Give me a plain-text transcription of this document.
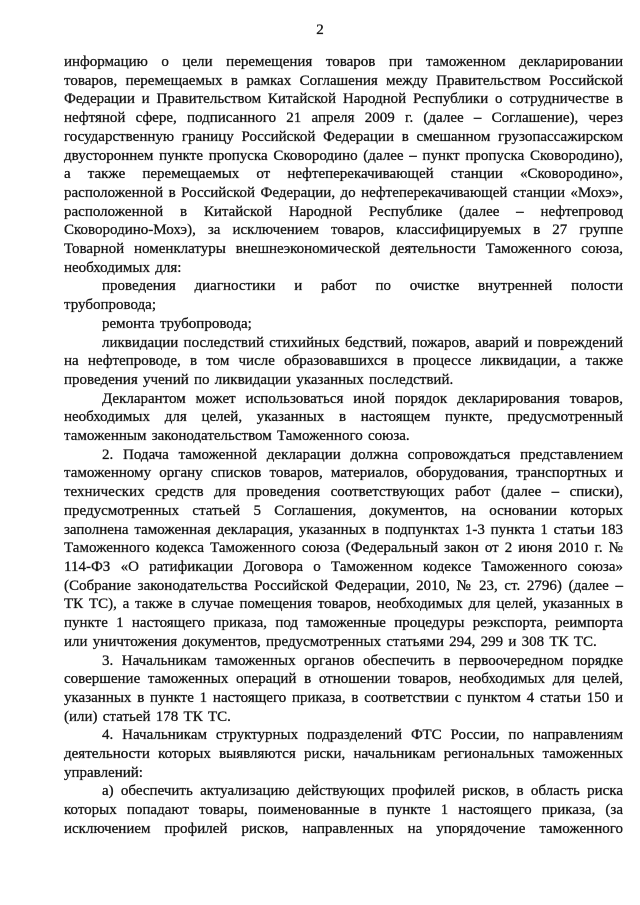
2

информацию о цели перемещения товаров при таможенном декларировании товаров, перемещаемых в рамках Соглашения между Правительством Российской Федерации и Правительством Китайской Народной Республики о сотрудничестве в нефтяной сфере, подписанного 21 апреля 2009 г. (далее – Соглашение), через государственную границу Российской Федерации в смешанном грузопассажирском двустороннем пункте пропуска Сковородино (далее – пункт пропуска Сковородино), а также перемещаемых от нефтеперекачивающей станции «Сковородино», расположенной в Российской Федерации, до нефтеперекачивающей станции «Мохэ», расположенной в Китайской Народной Республике (далее – нефтепровод Сковородино-Мохэ), за исключением товаров, классифицируемых в 27 группе Товарной номенклатуры внешнеэкономической деятельности Таможенного союза, необходимых для:

проведения диагностики и работ по очистке внутренней полости трубопровода;

ремонта трубопровода;

ликвидации последствий стихийных бедствий, пожаров, аварий и повреждений на нефтепроводе, в том числе образовавшихся в процессе ликвидации, а также проведения учений по ликвидации указанных последствий.

Декларантом может использоваться иной порядок декларирования товаров, необходимых для целей, указанных в настоящем пункте, предусмотренный таможенным законодательством Таможенного союза.

2. Подача таможенной декларации должна сопровождаться представлением таможенному органу списков товаров, материалов, оборудования, транспортных и технических средств для проведения соответствующих работ (далее – списки), предусмотренных статьей 5 Соглашения, документов, на основании которых заполнена таможенная декларация, указанных в подпунктах 1-3 пункта 1 статьи 183 Таможенного кодекса Таможенного союза (Федеральный закон от 2 июня 2010 г. № 114-ФЗ «О ратификации Договора о Таможенном кодексе Таможенного союза» (Собрание законодательства Российской Федерации, 2010, № 23, ст. 2796) (далее – ТК ТС), а также в случае помещения товаров, необходимых для целей, указанных в пункте 1 настоящего приказа, под таможенные процедуры реэкспорта, реимпорта или уничтожения документов, предусмотренных статьями 294, 299 и 308 ТК ТС.

3. Начальникам таможенных органов обеспечить в первоочередном порядке совершение таможенных операций в отношении товаров, необходимых для целей, указанных в пункте 1 настоящего приказа, в соответствии с пунктом 4 статьи 150 и (или) статьей 178 ТК ТС.

4. Начальникам структурных подразделений ФТС России, по направлениям деятельности которых выявляются риски, начальникам региональных таможенных управлений:

а) обеспечить актуализацию действующих профилей рисков, в область риска которых попадают товары, поименованные в пункте 1 настоящего приказа, (за исключением профилей рисков, направленных на упорядочение таможенного
